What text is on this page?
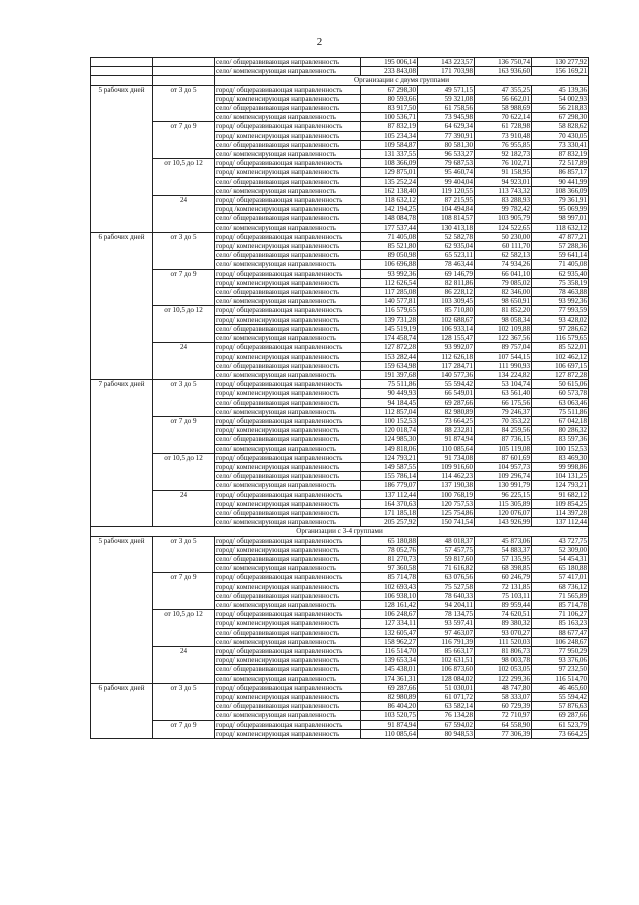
2
		село/ общеразвивающая направленность	195 006,14	143 223,57	136 750,74	130 277,92
		село/ компенсирующая направленность	233 843,08	171 703,98	163 936,60	156 169,21
		Организации с двумя группами				
5 рабочих дней	от 3 до 5	город/ общеразвивающая направленность	67 298,30	49 571,15	47 355,25	45 139,36
		город/ компенсирующая направленность	80 593,66	59 321,08	56 662,01	54 002,93
		село/ общеразвивающая направленность	83 917,50	61 758,56	58 988,69	56 218,83
		село/ компенсирующая направленность	100 536,71	73 945,98	70 622,14	67 298,30
	от 7 до 9	город/ общеразвивающая направленность	87 832,19	64 629,34	61 728,98	58 828,62
		город/ компенсирующая направленность	105 234,34	77 390,91	73 910,48	70 430,05
		село/ общеразвивающая направленность	109 584,87	80 581,30	76 955,85	73 330,41
		село/ компенсирующая направленность	131 337,55	96 533,27	92 182,73	87 832,19
	от 10,5 до 12	город/ общеразвивающая направленность	108 366,09	79 687,53	76 102,71	72 517,89
		город/ компенсирующая направленность	129 875,01	95 460,74	91 158,95	86 857,17
		село/ общеразвивающая направленность	135 252,24	99 404,04	94 923,01	90 441,99
		село/ компенсирующая направленность	162 138,40	119 120,55	113 743,32	108 366,09
	24	город/ общеразвивающая направленность	118 632,12	87 215,95	83 288,93	79 361,91
		город /компенсирующая направленность	142 194,25	104 494,84	99 782,42	95 069,99
		село/ общеразвивающая направленность	148 084,78	108 814,57	103 905,79	98 997,01
		село/ компенсирующая направленность	177 537,44	130 413,18	124 522,65	118 632,12
6 рабочих дней	от 3 до 5	город/ общеразвивающая направленность	71 405,08	52 582,78	50 230,00	47 877,21
		город/ компенсирующая направленность	85 521,80	62 935,04	60 111,70	57 288,36
		село/ общеразвивающая направленность	89 050,98	65 523,11	62 582,13	59 641,14
		село/ компенсирующая направленность	106 696,88	78 463,44	74 934,26	71 405,08
	от 7 до 9	город/ общеразвивающая направленность	93 992,36	69 146,79	66 041,10	62 935,40
		город/ компенсирующая направленность	112 626,54	82 811,86	79 085,02	75 358,19
		село/ общеразвивающая направленность	117 285,08	86 228,12	82 346,00	78 463,88
		село/ компенсирующая направленность	140 577,81	103 309,45	98 650,91	93 992,36
	от 10,5 до 12	город/ общеразвивающая направленность	116 579,65	85 710,80	81 852,20	77 993,59
		город/ компенсирующая направленность	139 731,28	102 688,67	98 058,34	93 428,02
		село/ общеразвивающая направленность	145 519,19	106 933,14	102 109,88	97 286,62
		село/ компенсирующая направленность	174 458,74	128 155,47	122 367,56	116 579,65
	24	город/ общеразвивающая направленность	127 872,28	93 992,07	89 757,04	85 522,01
		город/ компенсирующая направленность	153 282,44	112 626,18	107 544,15	102 462,12
		село/ общеразвивающая направленность	159 634,98	117 284,71	111 990,93	106 697,15
		село/ компенсирующая направленность	191 397,68	140 577,36	134 224,82	127 872,28
7 рабочих дней	от 3 до 5	город/ общеразвивающая направленность	75 511,86	55 594,42	53 104,74	50 615,06
		город/ компенсирующая направленность	90 449,93	66 549,01	63 561,40	60 573,78
		село/ общеразвивающая направленность	94 184,45	69 287,66	66 175,56	63 063,46
		село/ компенсирующая направленность	112 857,04	82 980,89	79 246,37	75 511,86
	от 7 до 9	город/ общеразвивающая направленность	100 152,53	73 664,25	70 353,22	67 042,18
		город/ компенсирующая направленность	120 018,74	88 232,81	84 259,56	80 286,32
		село/ общеразвивающая направленность	124 985,30	91 874,94	87 736,15	83 597,36
		село/ компенсирующая направленность	149 818,06	110 085,64	105 119,08	100 152,53
	от 10,5 до 12	город/ общеразвивающая направленность	124 793,21	91 734,08	87 601,69	83 469,30
		город/ компенсирующая направленность	149 587,55	109 916,60	104 957,73	99 998,86
		село/ общеразвивающая направленность	155 786,14	114 462,23	109 296,74	104 131,25
		село/ компенсирующая направленность	186 779,07	137 190,38	130 991,79	124 793,21
	24	город/ общеразвивающая направленность	137 112,44	100 768,19	96 225,15	91 682,12
		город/ компенсирующая направленность	164 370,63	120 757,53	115 305,89	109 854,25
		село/ общеразвивающая направленность	171 185,18	125 754,86	120 076,07	114 397,28
		село/ компенсирующая направленность	205 257,92	150 741,54	143 926,99	137 112,44
Организации с 3-4 группами						
5 рабочих дней	от 3 до 5	город/ общеразвивающая направленность	65 180,88	48 018,37	45 873,06	43 727,75
		город/ компенсирующая направленность	78 052,76	57 457,75	54 883,37	52 309,00
		село/ общеразвивающая направленность	81 270,73	59 817,60	57 135,95	54 454,31
		село/ компенсирующая направленность	97 360,58	71 616,82	68 398,85	65 180,88
	от 7 до 9	город/ общеразвивающая направленность	85 714,78	63 076,56	60 246,79	57 417,01
		город/ компенсирующая направленность	102 693,43	75 527,58	72 131,85	68 736,12
		село/ общеразвивающая направленность	106 938,10	78 640,33	75 103,11	71 565,89
		село/ компенсирующая направленность	128 161,42	94 204,11	89 959,44	85 714,78
	от 10,5 до 12	город/ общеразвивающая направленность	106 248,67	78 134,75	74 620,51	71 106,27
		город/ компенсирующая направленность	127 334,11	93 597,41	89 380,32	85 163,23
		село/ общеразвивающая направленность	132 605,47	97 463,07	93 070,27	88 677,47
		село/ компенсирующая направленность	158 962,27	116 791,39	111 520,03	106 248,67
	24	город/ общеразвивающая направленность	116 514,70	85 663,17	81 806,73	77 950,29
		город/ компенсирующая направленность	139 653,34	102 631,51	98 003,78	93 376,06
		село/ общеразвивающая направленность	145 438,01	106 873,60	102 053,05	97 232,50
		село/ компенсирующая направленность	174 361,31	128 084,02	122 299,36	116 514,70
6 рабочих дней	от 3 до 5	город/ общеразвивающая направленность	69 287,66	51 030,01	48 747,80	46 465,60
		город/ компенсирующая направленность	82 980,89	61 071,72	58 333,07	55 594,42
		село/ общеразвивающая направленность	86 404,20	63 582,14	60 729,39	57 876,63
		село/ компенсирующая направленность	103 520,75	76 134,28	72 710,97	69 287,66
	от 7 до 9	город/ общеразвивающая направленность	91 874,94	67 594,02	64 558,90	61 523,79
		город/ компенсирующая направленность	110 085,64	80 948,53	77 306,39	73 664,25
